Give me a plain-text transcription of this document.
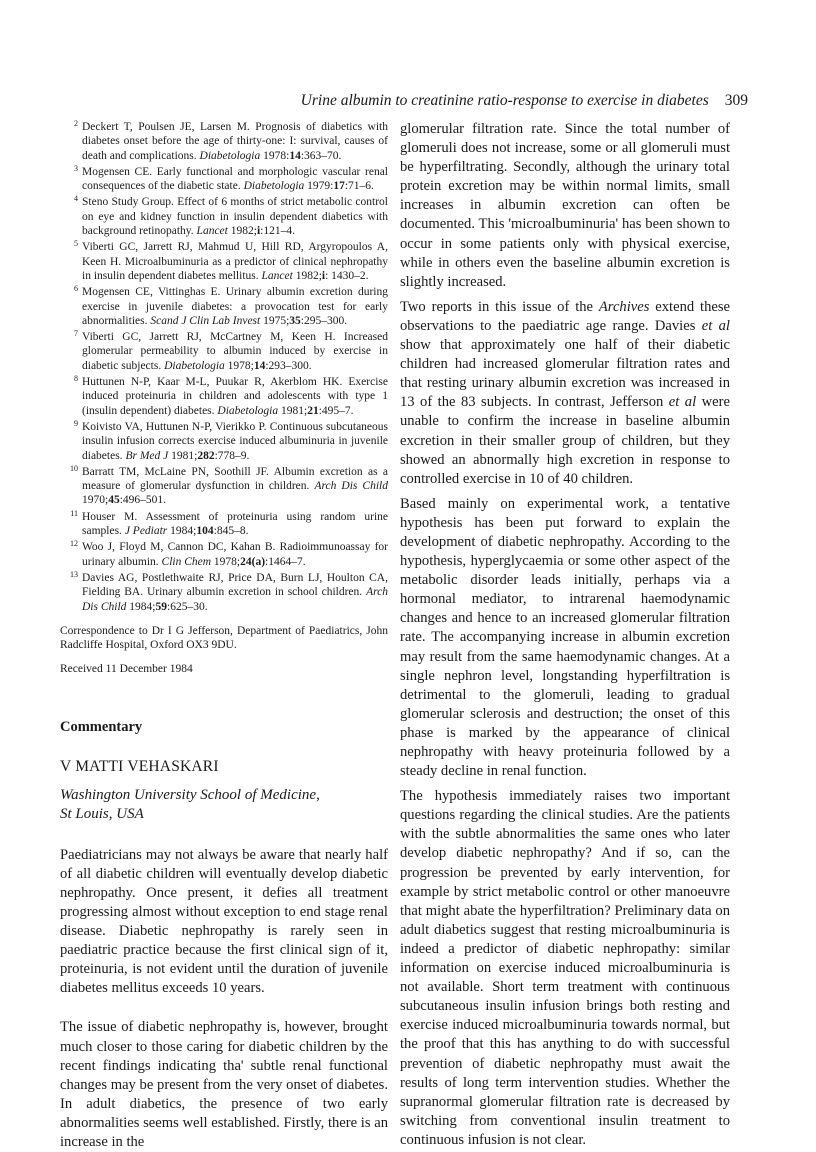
Urine albumin to creatinine ratio-response to exercise in diabetes 309
2 Deckert T, Poulsen JE, Larsen M. Prognosis of diabetics with diabetes onset before the age of thirty-one: I: survival, causes of death and complications. Diabetologia 1978:14:363–70.
3 Mogensen CE. Early functional and morphologic vascular renal consequences of the diabetic state. Diabetologia 1979:17:71–6.
4 Steno Study Group. Effect of 6 months of strict metabolic control on eye and kidney function in insulin dependent diabetics with background retinopathy. Lancet 1982;i:121–4.
5 Viberti GC, Jarrett RJ, Mahmud U, Hill RD, Argyropoulos A, Keen H. Microalbuminuria as a predictor of clinical nephropathy in insulin dependent diabetes mellitus. Lancet 1982;i: 1430–2.
6 Mogensen CE, Vittinghas E. Urinary albumin excretion during exercise in juvenile diabetes: a provocation test for early abnormalities. Scand J Clin Lab Invest 1975;35:295–300.
7 Viberti GC, Jarrett RJ, McCartney M, Keen H. Increased glomerular permeability to albumin induced by exercise in diabetic subjects. Diabetologia 1978;14:293–300.
8 Huttunen N-P, Kaar M-L, Puukar R, Akerblom HK. Exercise induced proteinuria in children and adolescents with type 1 (insulin dependent) diabetes. Diabetologia 1981;21:495–7.
9 Koivisto VA, Huttunen N-P, Vierikko P. Continuous subcutaneous insulin infusion corrects exercise induced albuminuria in juvenile diabetes. Br Med J 1981;282:778–9.
10 Barratt TM, McLaine PN, Soothill JF. Albumin excretion as a measure of glomerular dysfunction in children. Arch Dis Child 1970;45:496–501.
11 Houser M. Assessment of proteinuria using random urine samples. J Pediatr 1984;104:845–8.
12 Woo J, Floyd M, Cannon DC, Kahan B. Radioimmunoassay for urinary albumin. Clin Chem 1978;24(a):1464–7.
13 Davies AG, Postlethwaite RJ, Price DA, Burn LJ, Houlton CA, Fielding BA. Urinary albumin excretion in school children. Arch Dis Child 1984;59:625–30.

Correspondence to Dr I G Jefferson, Department of Paediatrics, John Radcliffe Hospital, Oxford OX3 9DU.

Received 11 December 1984

Commentary
V MATTI VEHASKARI
Washington University School of Medicine,
St Louis, USA

Paediatricians may not always be aware that nearly half of all diabetic children will eventually develop diabetic nephropathy. Once present, it defies all treatment progressing almost without exception to end stage renal disease. Diabetic nephropathy is rarely seen in paediatric practice because the first clinical sign of it, proteinuria, is not evident until the duration of juvenile diabetes mellitus exceeds 10 years.

The issue of diabetic nephropathy is, however, brought much closer to those caring for diabetic children by the recent findings indicating tha' subtle renal functional changes may be present from the very onset of diabetes. In adult diabetics, the presence of two early abnormalities seems well established. Firstly, there is an increase in the

glomerular filtration rate. Since the total number of glomeruli does not increase, some or all glomeruli must be hyperfiltrating. Secondly, although the urinary total protein excretion may be within normal limits, small increases in albumin excretion can often be documented. This 'microalbuminuria' has been shown to occur in some patients only with physical exercise, while in others even the baseline albumin excretion is slightly increased.

Two reports in this issue of the Archives extend these observations to the paediatric age range. Davies et al show that approximately one half of their diabetic children had increased glomerular filtration rates and that resting urinary albumin excretion was increased in 13 of the 83 subjects. In contrast, Jefferson et al were unable to confirm the increase in baseline albumin excretion in their smaller group of children, but they showed an abnormally high excretion in response to controlled exercise in 10 of 40 children.

Based mainly on experimental work, a tentative hypothesis has been put forward to explain the development of diabetic nephropathy. According to the hypothesis, hyperglycaemia or some other aspect of the metabolic disorder leads initially, perhaps via a hormonal mediator, to intrarenal haemodynamic changes and hence to an increased glomerular filtration rate. The accompanying increase in albumin excretion may result from the same haemodynamic changes. At a single nephron level, longstanding hyperfiltration is detrimental to the glomeruli, leading to gradual glomerular sclerosis and destruction; the onset of this phase is marked by the appearance of clinical nephropathy with heavy proteinuria followed by a steady decline in renal function.

The hypothesis immediately raises two important questions regarding the clinical studies. Are the patients with the subtle abnormalities the same ones who later develop diabetic nephropathy? And if so, can the progression be prevented by early intervention, for example by strict metabolic control or other manoeuvre that might abate the hyperfiltration? Preliminary data on adult diabetics suggest that resting microalbuminuria is indeed a predictor of diabetic nephropathy: similar information on exercise induced microalbuminuria is not available. Short term treatment with continuous subcutaneous insulin infusion brings both resting and exercise induced microalbuminuria towards normal, but the proof that this has anything to do with successful prevention of diabetic nephropathy must await the results of long term intervention studies. Whether the supranormal glomerular filtration rate is decreased by switching from conventional insulin treatment to continuous infusion is not clear.
